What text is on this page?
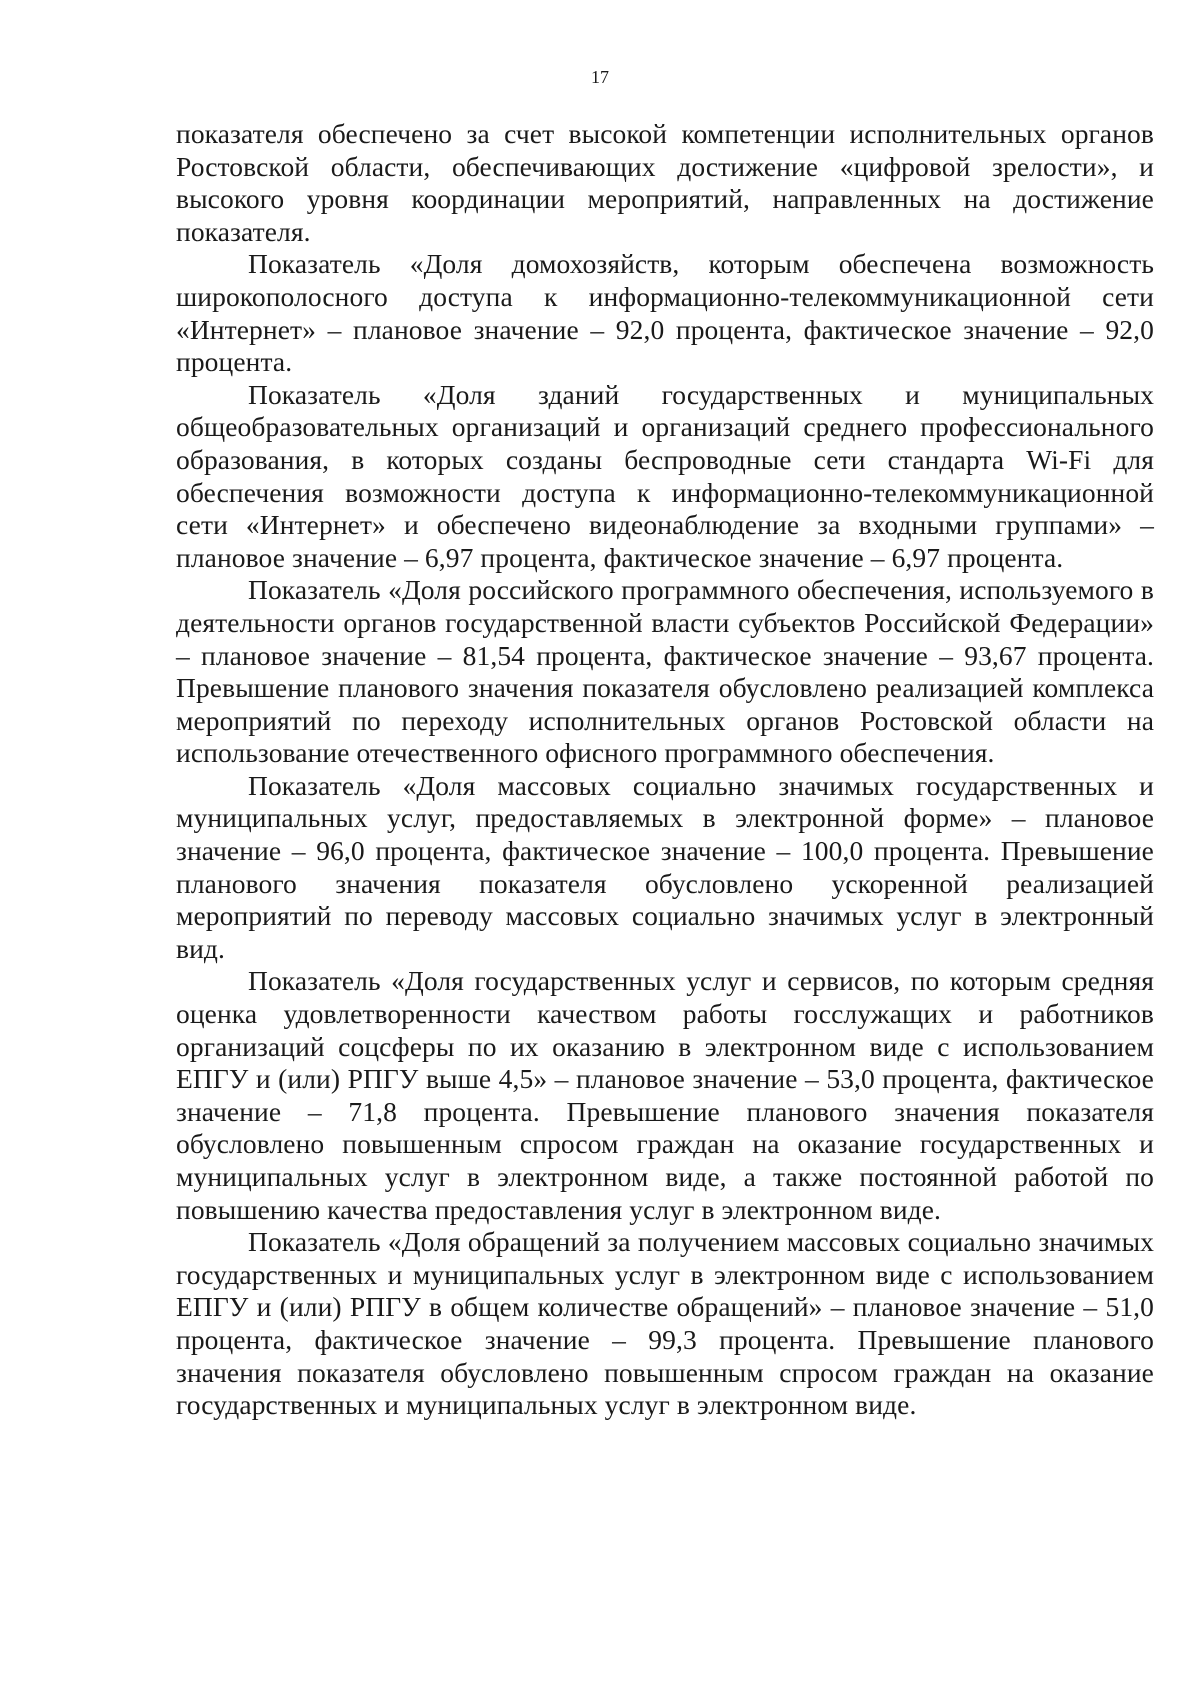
17

показателя обеспечено за счет высокой компетенции исполнительных органов Ростовской области, обеспечивающих достижение «цифровой зрелости», и высокого уровня координации мероприятий, направленных на достижение показателя.

Показатель «Доля домохозяйств, которым обеспечена возможность широкополосного доступа к информационно-телекоммуникационной сети «Интернет» – плановое значение – 92,0 процента, фактическое значение – 92,0 процента.

Показатель «Доля зданий государственных и муниципальных общеобразовательных организаций и организаций среднего профессионального образования, в которых созданы беспроводные сети стандарта Wi-Fi для обеспечения возможности доступа к информационно-телекоммуникационной сети «Интернет» и обеспечено видеонаблюдение за входными группами» – плановое значение – 6,97 процента, фактическое значение – 6,97 процента.

Показатель «Доля российского программного обеспечения, используемого в деятельности органов государственной власти субъектов Российской Федерации» – плановое значение – 81,54 процента, фактическое значение – 93,67 процента. Превышение планового значения показателя обусловлено реализацией комплекса мероприятий по переходу исполнительных органов Ростовской области на использование отечественного офисного программного обеспечения.

Показатель «Доля массовых социально значимых государственных и муниципальных услуг, предоставляемых в электронной форме» – плановое значение – 96,0 процента, фактическое значение – 100,0 процента. Превышение планового значения показателя обусловлено ускоренной реализацией мероприятий по переводу массовых социально значимых услуг в электронный вид.

Показатель «Доля государственных услуг и сервисов, по которым средняя оценка удовлетворенности качеством работы госслужащих и работников организаций соцсферы по их оказанию в электронном виде с использованием ЕПГУ и (или) РПГУ выше 4,5» – плановое значение – 53,0 процента, фактическое значение – 71,8 процента. Превышение планового значения показателя обусловлено повышенным спросом граждан на оказание государственных и муниципальных услуг в электронном виде, а также постоянной работой по повышению качества предоставления услуг в электронном виде.

Показатель «Доля обращений за получением массовых социально значимых государственных и муниципальных услуг в электронном виде с использованием ЕПГУ и (или) РПГУ в общем количестве обращений» – плановое значение – 51,0 процента, фактическое значение – 99,3 процента. Превышение планового значения показателя обусловлено повышенным спросом граждан на оказание государственных и муниципальных услуг в электронном виде.
